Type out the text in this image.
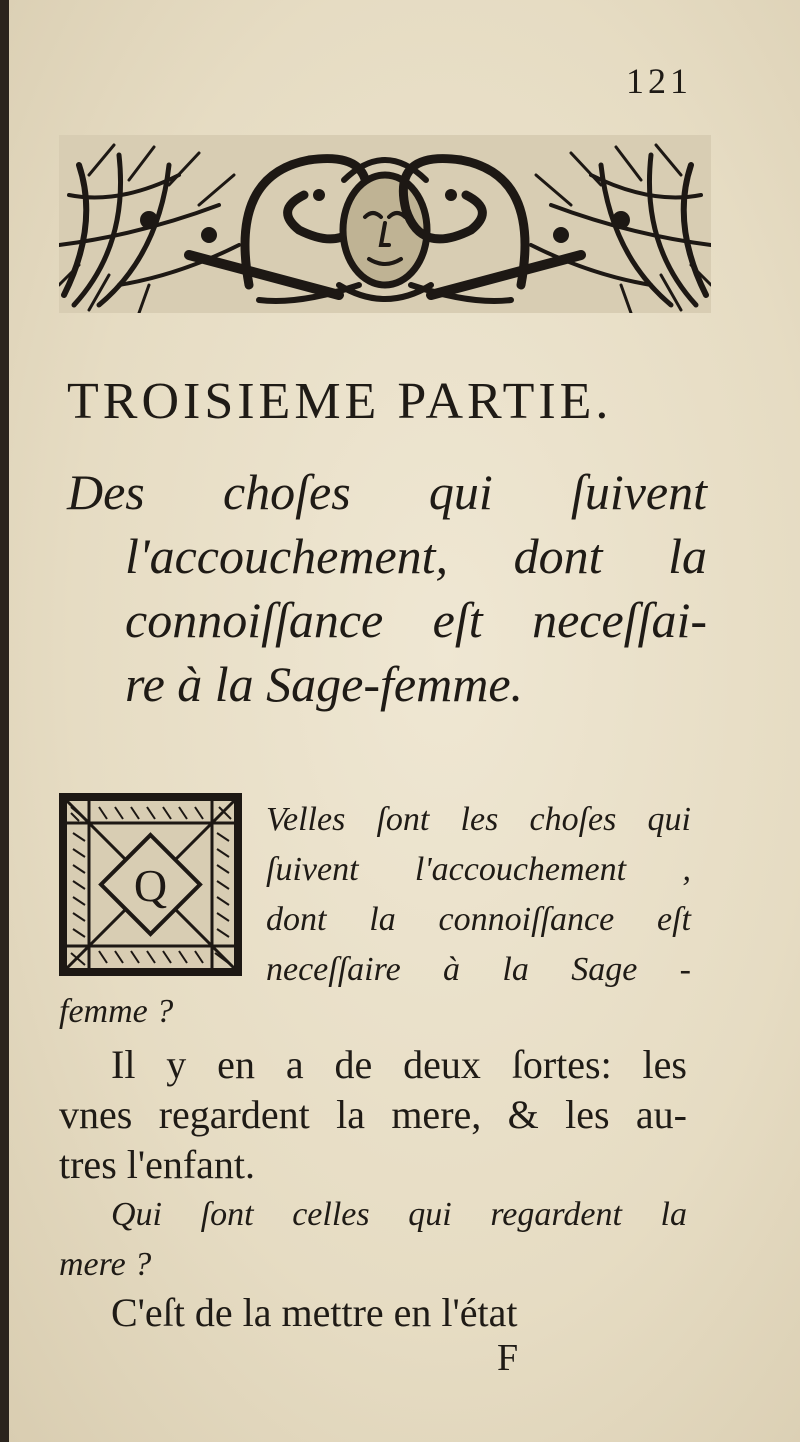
121
TROISIEME PARTIE.
Des choſes qui ſuivent
l'accouchement, dont la
connoiſſance eſt neceſſai-
re à la Sage-femme.
Q
Velles ſont les choſes qui
ſuivent l'accouchement ,
dont la connoiſſance eſt
neceſſaire à la Sage -
femme ?
Il y en a de deux ſortes: les
vnes regardent la mere, & les au-
tres l'enfant.
Qui ſont celles qui regardent la
mere ?
C'eſt de la mettre en l'état
F
